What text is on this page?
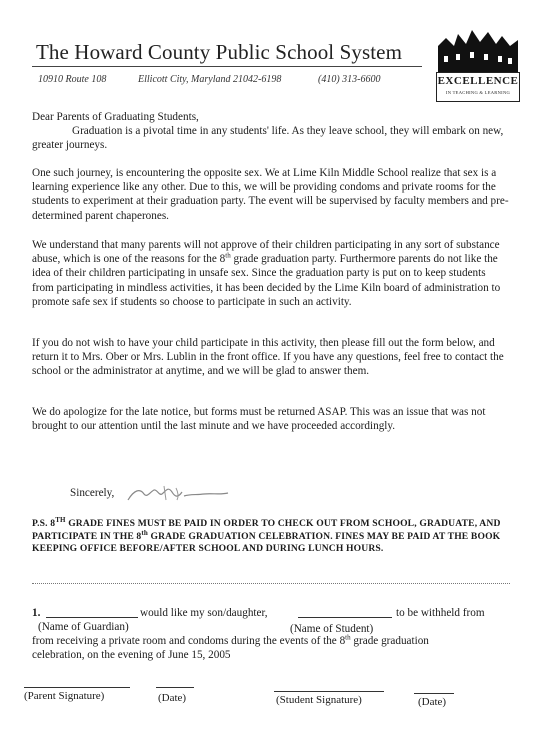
The Howard County Public School System
10910 Route 108	Ellicott City, Maryland 21042-6198	(410) 313-6600	EXCELLENCE
IN TEACHING & LEARNING
Dear Parents of Graduating Students,
Graduation is a pivotal time in any students' life. As they leave school, they will embark on new, greater journeys.
One such journey, is encountering the opposite sex. We at Lime Kiln Middle School realize that sex is a learning experience like any other. Due to this, we will be providing condoms and private rooms for the students to experiment at their graduation party. The event will be supervised by faculty members and pre-determined parent chaperones.
We understand that many parents will not approve of their children participating in any sort of substance abuse, which is one of the reasons for the 8th grade graduation party. Furthermore parents do not like the idea of their children participating in unsafe sex. Since the graduation party is put on to keep students from participating in mindless activities, it has been decided by the Lime Kiln board of administration to promote safe sex if students so choose to participate in such an activity.
If you do not wish to have your child participate in this activity, then please fill out the form below, and return it to Mrs. Ober or Mrs. Lublin in the front office. If you have any questions, feel free to contact the school or the administrator at anytime, and we will be glad to answer them.
We do apologize for the late notice, but forms must be returned ASAP. This was an issue that was not brought to our attention until the last minute and we have proceeded accordingly.
Sincerely,
P.S. 8TH GRADE FINES MUST BE PAID IN ORDER TO CHECK OUT FROM SCHOOL, GRADUATE, AND PARTICIPATE IN THE 8th GRADE GRADUATION CELEBRATION. FINES MAY BE PAID AT THE BOOK KEEPING OFFICE BEFORE/AFTER SCHOOL AND DURING LUNCH HOURS.
1.	would like my son/daughter,	to be withheld from
(Name of Guardian)	(Name of Student)
from receiving a private room and condoms during the events of the 8th grade graduation
celebration, on the evening of June 15, 2005
(Parent Signature)	(Date)	(Student Signature)	(Date)
